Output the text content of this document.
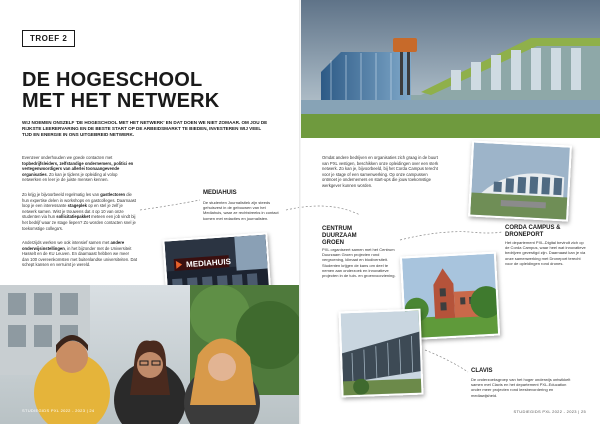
TROEF 2
DE HOGESCHOOL
MET HET NETWERK
WIJ NOEMEN ONSZELF 'DE HOGESCHOOL MET HET NETWERK' EN DAT DOEN WE NIET ZOMAAR. OM JOU DE RIJKSTE LEERERVARING EN DE BESTE START OP DE ARBEIDSMARKT TE BIEDEN, INVESTEREN WIJ VEEL TIJD EN ENERGIE IN ONS UITGEBREID NETWERK.
Evenzeer onderhouden we goede contacten met topbedrijfsleiders, zelfstandige ondernemers, politici en vertegenwoordigers van allerlei toonaangevende organisaties. Zo kan je tijdens je opleiding al volop netwerken en leer je de juiste mensen kennen.
Zo krijg je bijvoorbeeld regelmatig les van gastlectoren die hun expertise delen in workshops en gastcolleges. Daarnaast loop je een interessante stageplek op en stel je zelf je netwerk samen. Wist je trouwens dat 4 op 10 van onze studenten via hun sollicitatiepakket meteen een job vindt bij het bedrijf waar ze stage liepen? Zo worden contacten snel je toekomstige collega's.
Anderzijds werken we ook intensief samen met andere onderwijsinstellingen, in het bijzonder met de Universiteit Hasselt en de KU Leuven. En daarnaast hebben we meer dan 100 overeenkomsten met buitenlandse universiteiten. Dat schept kansen en verruimt je wereld.
MEDIAHUIS
De studenten Journalistiek zijn steeds gehuisvest in de gebouwen van het Mediahuis, waar ze rechtstreeks in contact komen met redacties en journalisten.
MEDIAHUIS
STUDIEGIDS PXL 2022 - 2023 | 24
Omdat andere bedrijven en organisaties zich graag in de buurt van PXL vestigen, beschikken onze opleidingen over een sterk netwerk. Zo kan je, bijvoorbeeld, bij het Corda Campus terecht voor je stage of een samenwerking. Op onze campussen ontmoet je ondernemers en start-ups die jouw toekomstige werkgever kunnen worden.
CENTRUM
DUURZAAM
GROEN
PXL organiseert samen met het Centrum Duurzaam Groen projecten rond vergroening, klimaat en biodiversiteit. Studenten krijgen de kans om deel te nemen aan onderzoek en innovatieve projecten in de tuin- en groenvoorziening.
CORDA CAMPUS &
DRONEPORT
Het departement PXL-Digital bevindt zich op de Corda Campus, waar heel wat innovatieve bedrijven gevestigd zijn. Daarnaast kan je via onze samenwerking met Droneport terecht voor de opleidingen rond drones.
CLAVIS
De onderzoeksgroep van het hoger onderwijs ontwikkelt samen met Clavis en het departement PXL-Education onder meer projecten rond leesbevordering en mediawijsheid.
STUDIEGIDS PXL 2022 - 2023 | 25
